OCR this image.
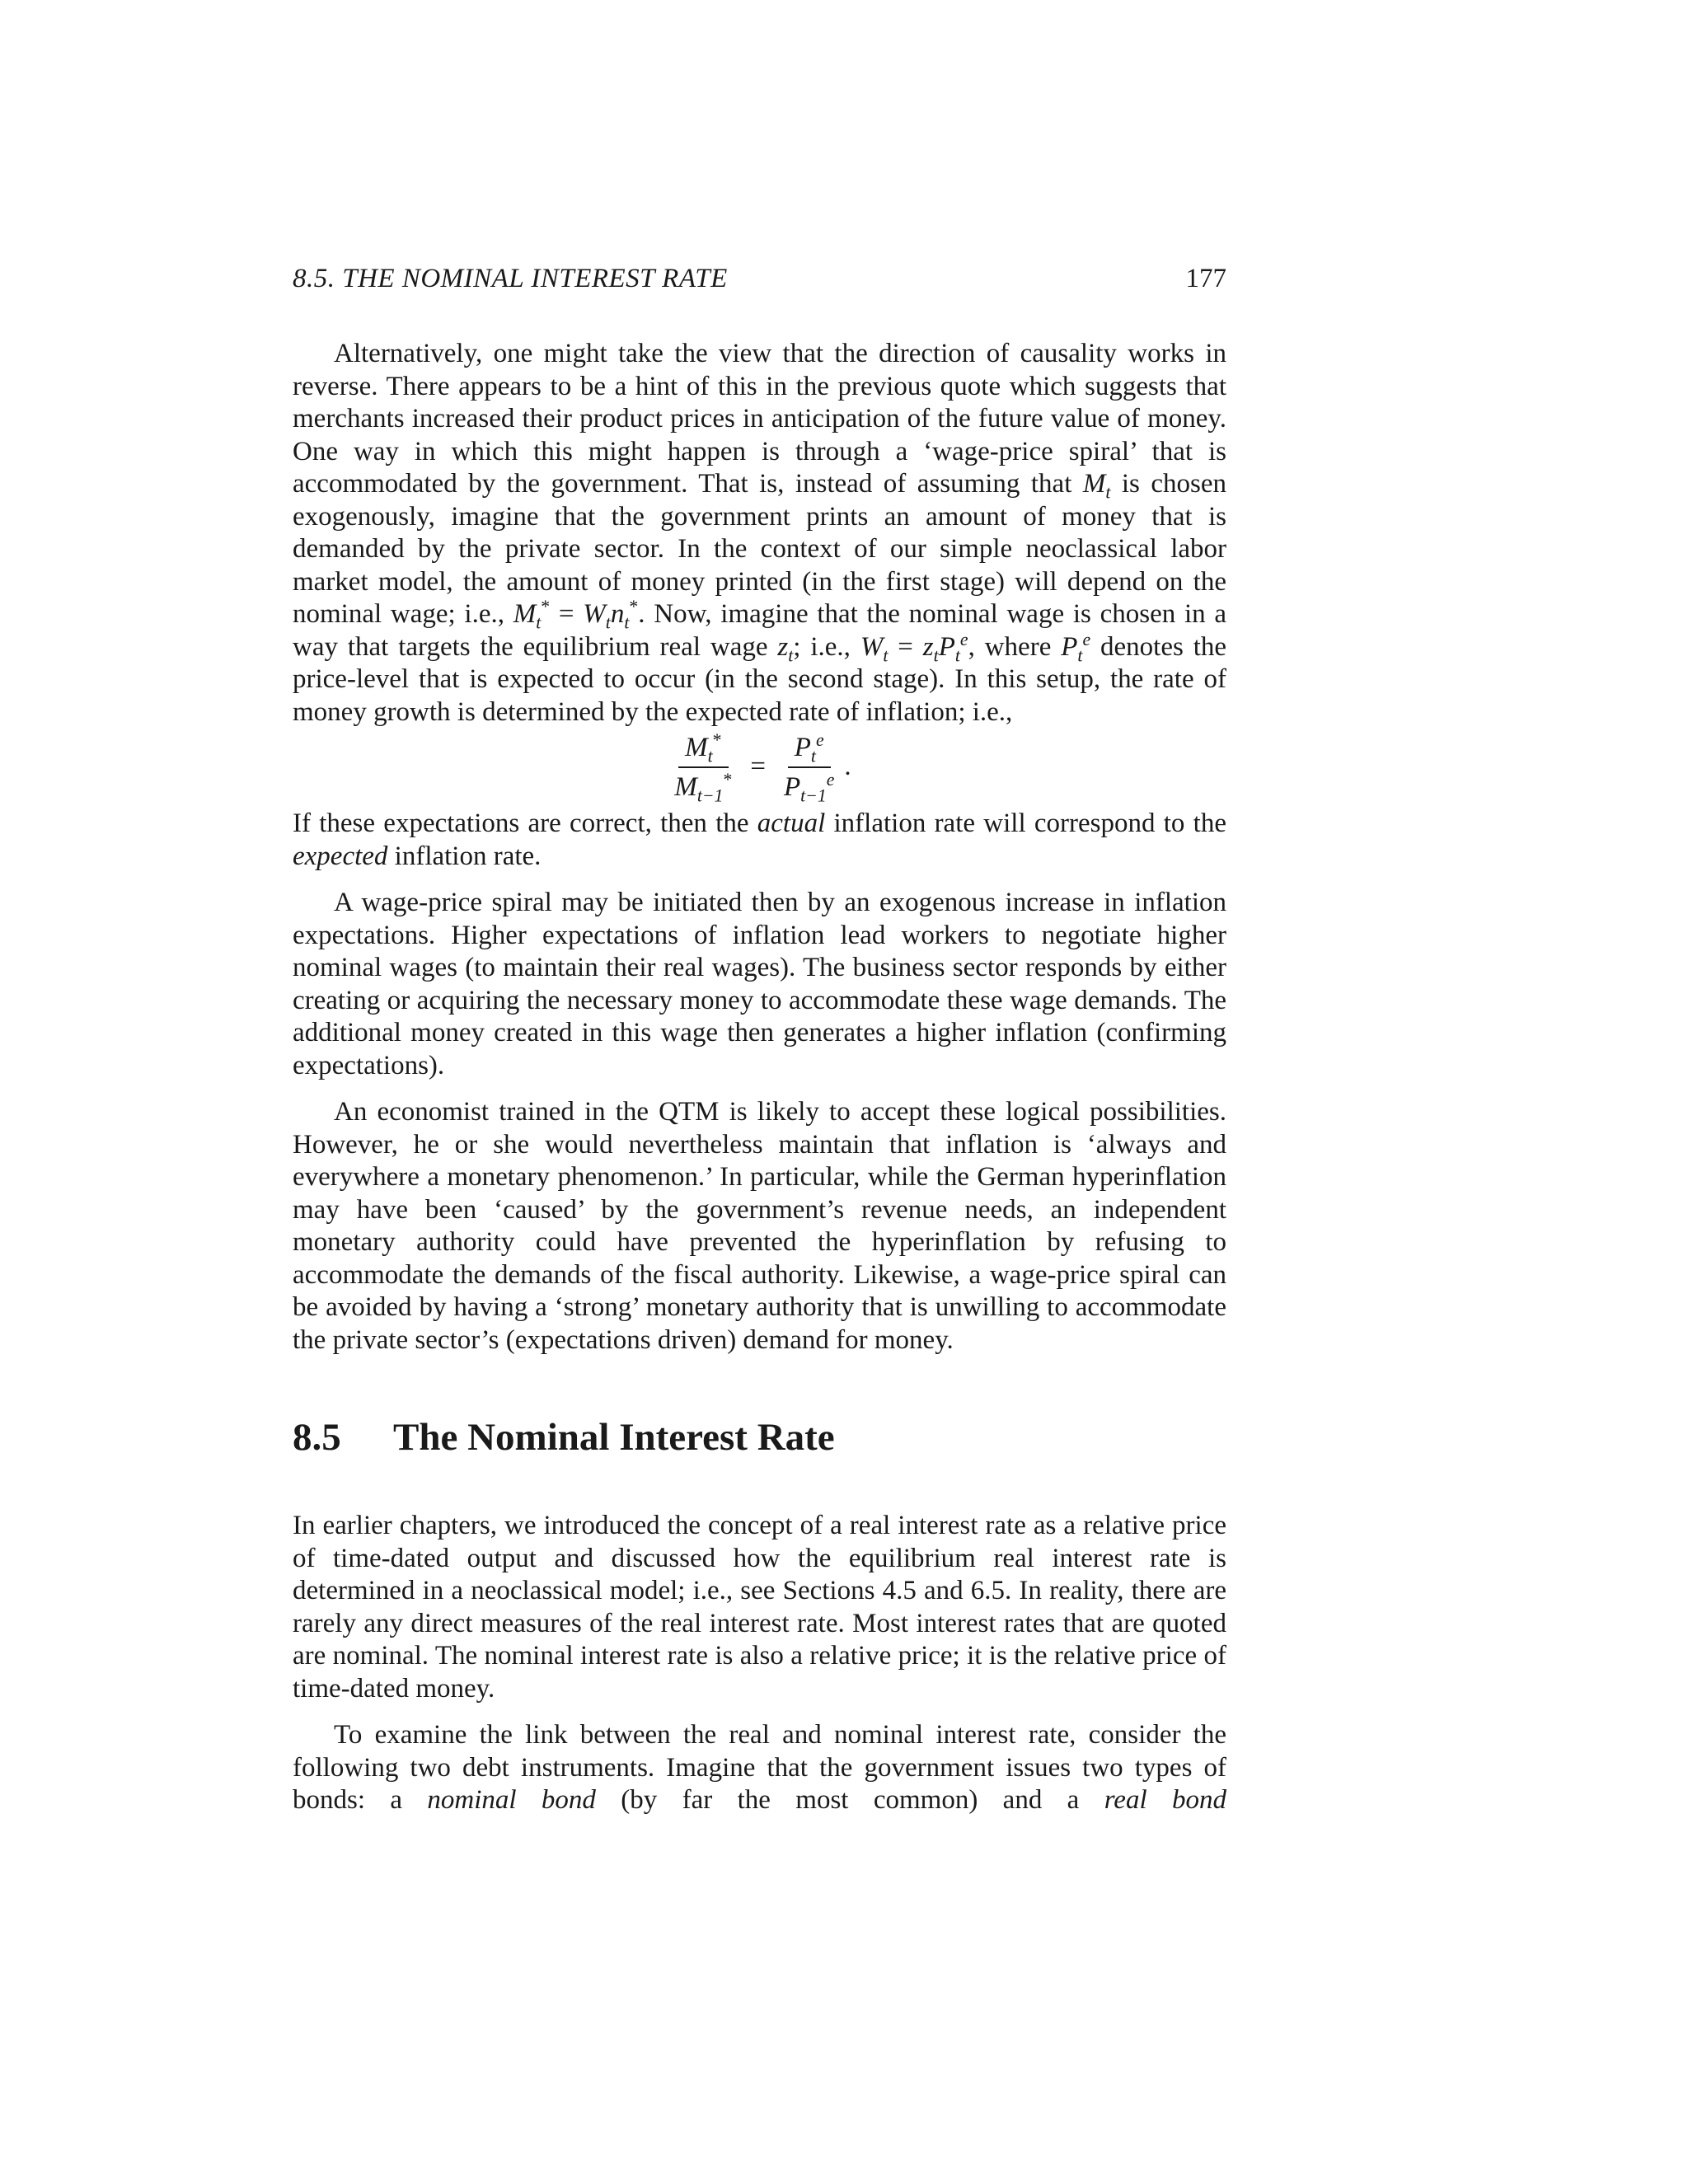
8.5. THE NOMINAL INTEREST RATE	177

Alternatively, one might take the view that the direction of causality works in reverse. There appears to be a hint of this in the previous quote which suggests that merchants increased their product prices in anticipation of the future value of money. One way in which this might happen is through a ‘wage-price spiral’ that is accommodated by the government. That is, instead of assuming that $M_t$ is chosen exogenously, imagine that the government prints an amount of money that is demanded by the private sector. In the context of our simple neoclassical labor market model, the amount of money printed (in the first stage) will depend on the nominal wage; i.e., $M_t^* = W_tn_t^*$. Now, imagine that the nominal wage is chosen in a way that targets the equilibrium real wage $z_t$; i.e., $W_t = z_tP_t^e$, where $P_t^e$ denotes the price-level that is expected to occur (in the second stage). In this setup, the rate of money growth is determined by the expected rate of inflation; i.e.,

$\frac{M_t^*}{M_{t-1}^*} = \frac{P_t^e}{P_{t-1}^e}$ .

If these expectations are correct, then the actual inflation rate will correspond to the expected inflation rate.

A wage-price spiral may be initiated then by an exogenous increase in inflation expectations. Higher expectations of inflation lead workers to negotiate higher nominal wages (to maintain their real wages). The business sector responds by either creating or acquiring the necessary money to accommodate these wage demands. The additional money created in this wage then generates a higher inflation (confirming expectations).

An economist trained in the QTM is likely to accept these logical possibilities. However, he or she would nevertheless maintain that inflation is ‘always and everywhere a monetary phenomenon.’ In particular, while the German hyperinflation may have been ‘caused’ by the government’s revenue needs, an independent monetary authority could have prevented the hyperinflation by refusing to accommodate the demands of the fiscal authority. Likewise, a wage-price spiral can be avoided by having a ‘strong’ monetary authority that is unwilling to accommodate the private sector’s (expectations driven) demand for money.

8.5 The Nominal Interest Rate

In earlier chapters, we introduced the concept of a real interest rate as a relative price of time-dated output and discussed how the equilibrium real interest rate is determined in a neoclassical model; i.e., see Sections 4.5 and 6.5. In reality, there are rarely any direct measures of the real interest rate. Most interest rates that are quoted are nominal. The nominal interest rate is also a relative price; it is the relative price of time-dated money.

To examine the link between the real and nominal interest rate, consider the following two debt instruments. Imagine that the government issues two types of bonds: a nominal bond (by far the most common) and a real bond
